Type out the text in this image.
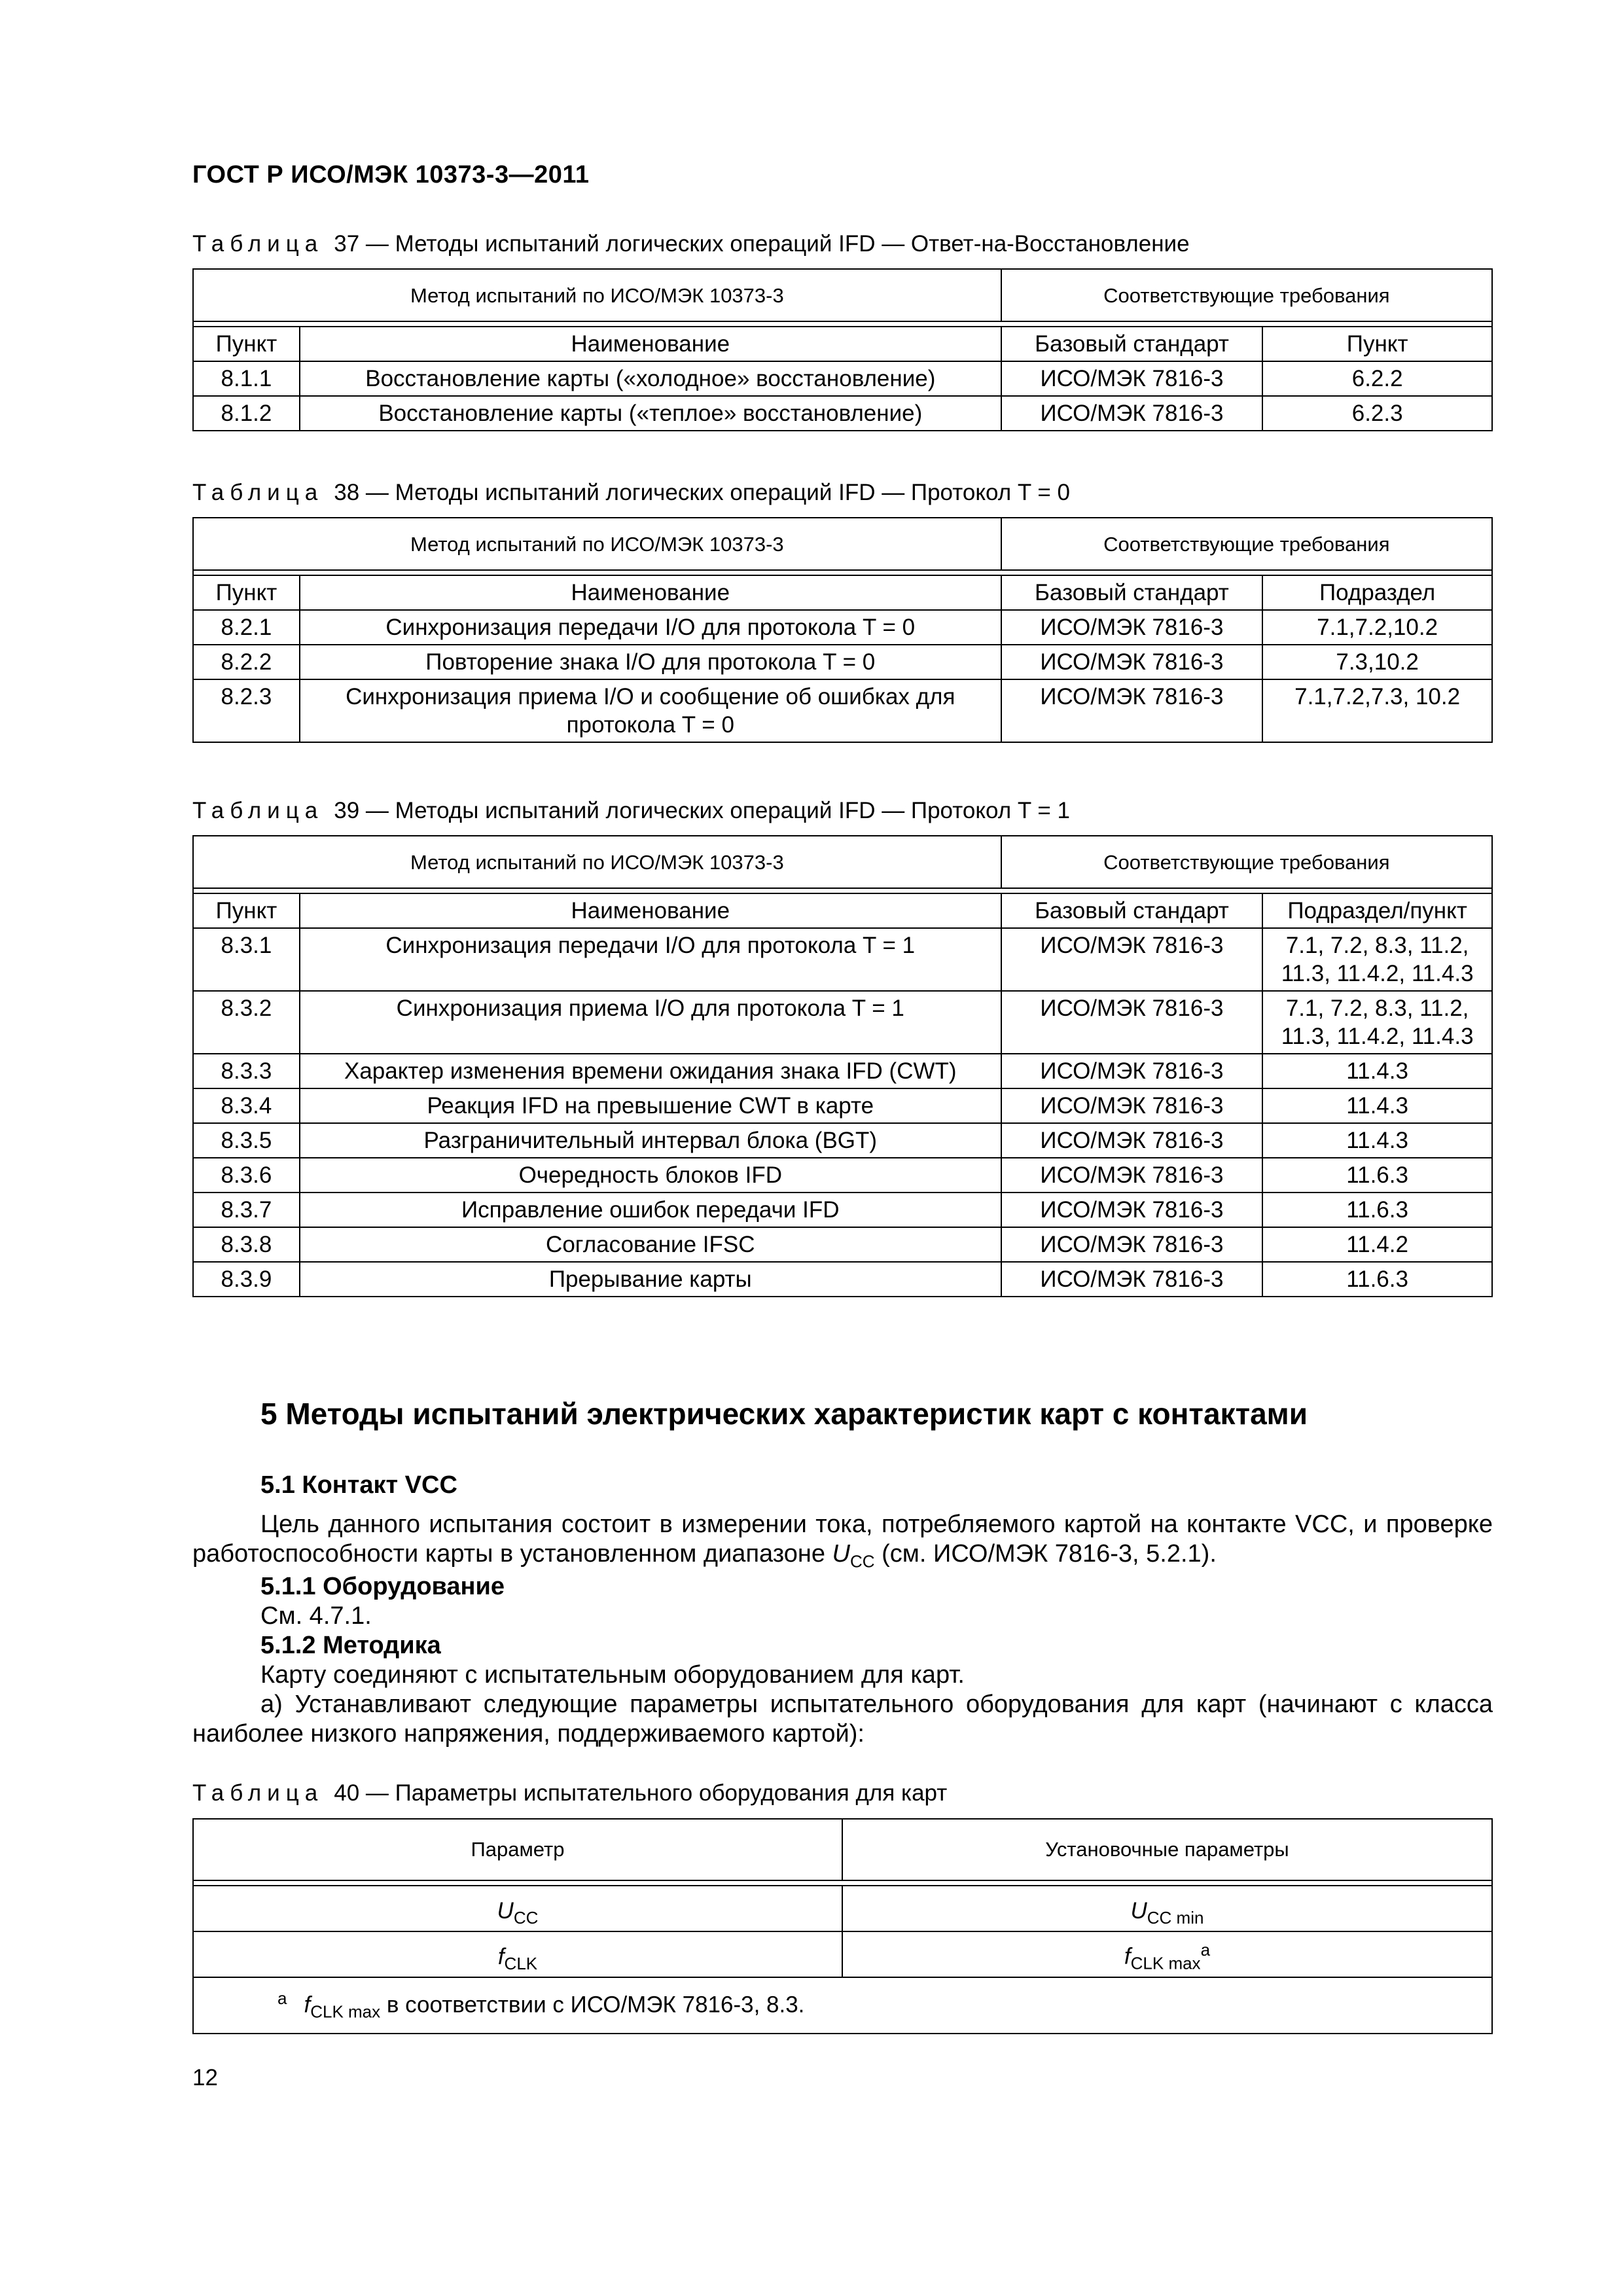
ГОСТ Р ИСО/МЭК 10373-3—2011
Таблица 37 — Методы испытаний логических операций IFD — Ответ-на-Восстановление
Метод испытаний по ИСО/МЭК 10373-3		Соответствующие требования	

Пункт	Наименование	Базовый стандарт	Пункт
8.1.1	Восстановление карты («холодное» восстановление)	ИСО/МЭК 7816-3	6.2.2
8.1.2	Восстановление карты («теплое» восстановление)	ИСО/МЭК 7816-3	6.2.3
Таблица 38 — Методы испытаний логических операций IFD — Протокол T = 0
Метод испытаний по ИСО/МЭК 10373-3		Соответствующие требования	

Пункт	Наименование	Базовый стандарт	Подраздел
8.2.1	Синхронизация передачи I/O для протокола T = 0	ИСО/МЭК 7816-3	7.1,7.2,10.2
8.2.2	Повторение знака I/O для протокола T = 0	ИСО/МЭК 7816-3	7.3,10.2
8.2.3	Синхронизация приема I/O и сообщение об ошибках для протокола T = 0	ИСО/МЭК 7816-3	7.1,7.2,7.3, 10.2
Таблица 39 — Методы испытаний логических операций IFD — Протокол T = 1
Метод испытаний по ИСО/МЭК 10373-3		Соответствующие требования	

Пункт	Наименование	Базовый стандарт	Подраздел/пункт
8.3.1	Синхронизация передачи I/O для протокола T = 1	ИСО/МЭК 7816-3	7.1, 7.2, 8.3, 11.2, 11.3, 11.4.2, 11.4.3
8.3.2	Синхронизация приема I/O для протокола T = 1	ИСО/МЭК 7816-3	7.1, 7.2, 8.3, 11.2, 11.3, 11.4.2, 11.4.3
8.3.3	Характер изменения времени ожидания знака IFD (CWT)	ИСО/МЭК 7816-3	11.4.3
8.3.4	Реакция IFD на превышение CWT в карте	ИСО/МЭК 7816-3	11.4.3
8.3.5	Разграничительный интервал блока (BGT)	ИСО/МЭК 7816-3	11.4.3
8.3.6	Очередность блоков IFD	ИСО/МЭК 7816-3	11.6.3
8.3.7	Исправление ошибок передачи IFD	ИСО/МЭК 7816-3	11.6.3
8.3.8	Согласование IFSC	ИСО/МЭК 7816-3	11.4.2
8.3.9	Прерывание карты	ИСО/МЭК 7816-3	11.6.3
5 Методы испытаний электрических характеристик карт с контактами
5.1 Контакт VCC
Цель данного испытания состоит в измерении тока, потребляемого картой на контакте VCC, и проверке работоспособности карты в установленном диапазоне $U_{CC}$ (см. ИСО/МЭК 7816-3, 5.2.1).
5.1.1 Оборудование
См. 4.7.1.
5.1.2 Методика
Карту соединяют с испытательным оборудованием для карт.
а) Устанавливают следующие параметры испытательного оборудования для карт (начинают с класса наиболее низкого напряжения, поддерживаемого картой):
Таблица 40 — Параметры испытательного оборудования для карт
Параметр	Установочные параметры

$U_{CC}$	$U_{CC min}$
$f_{CLK}$	$f_{CLK max}^a$
$^a$ $f_{CLK max}$ в соответствии с ИСО/МЭК 7816-3, 8.3.	
12
